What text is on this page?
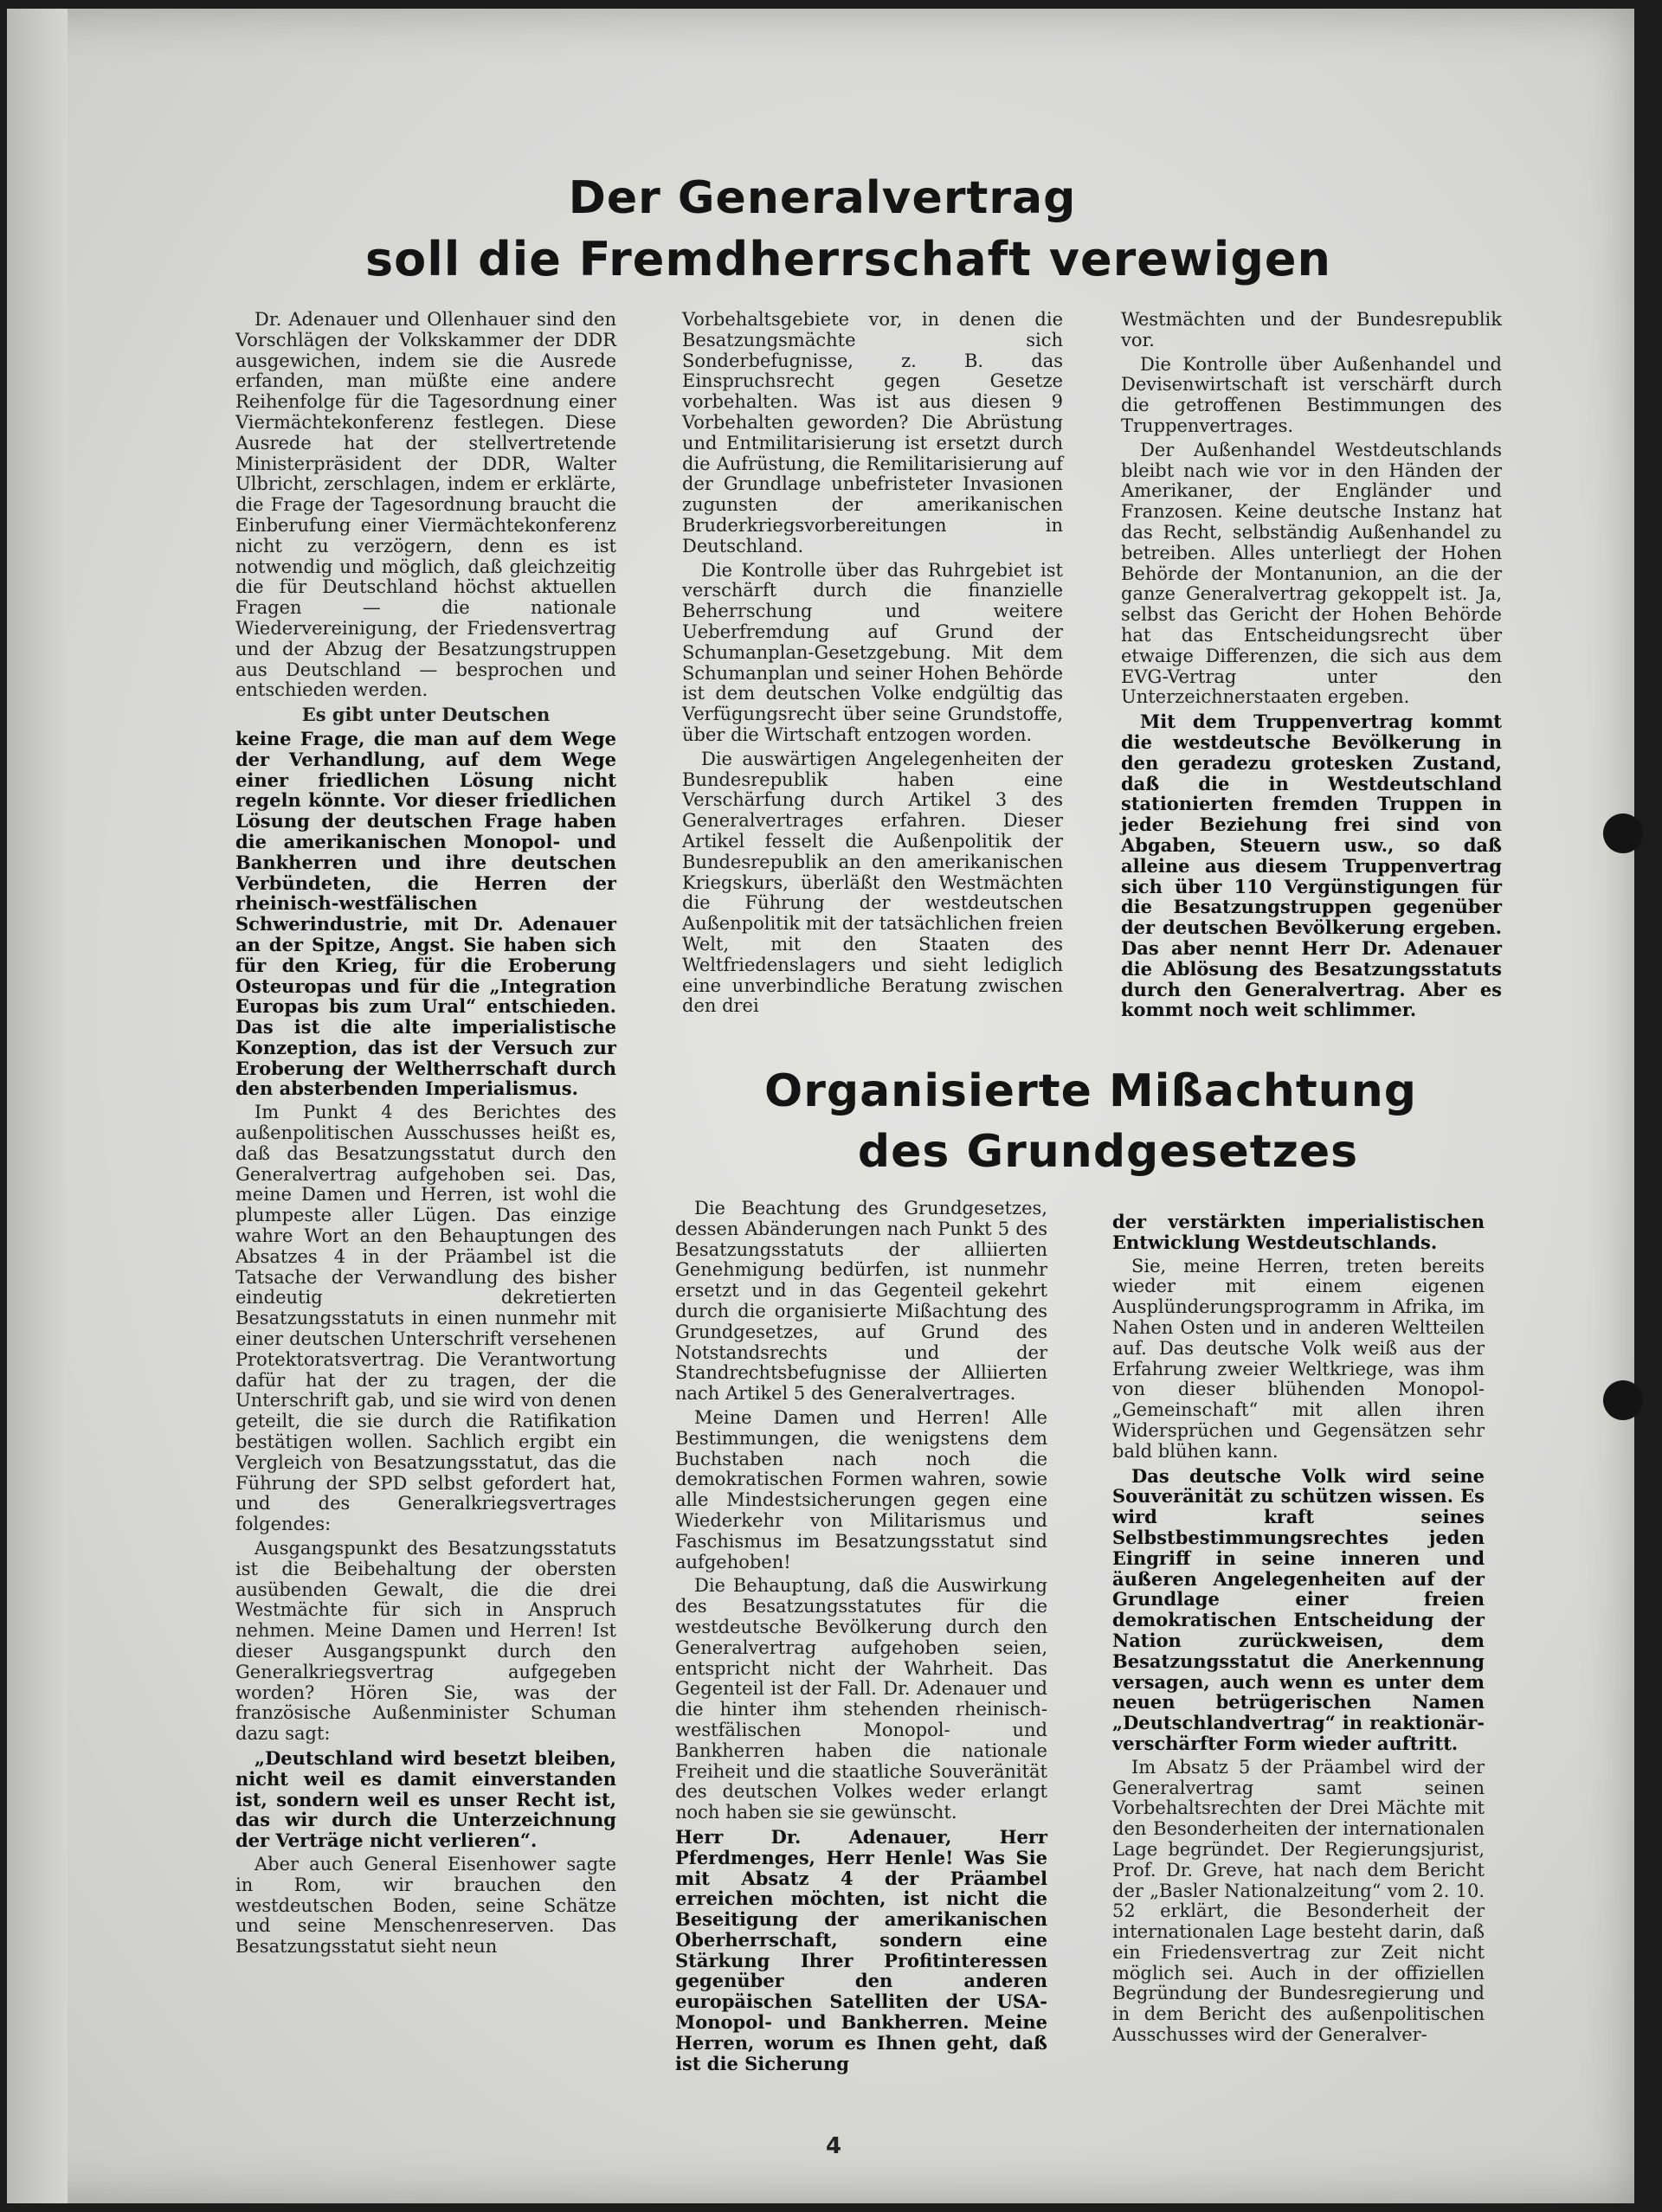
Der Generalvertrag
soll die Fremdherrschaft verewigen

Dr. Adenauer und Ollenhauer sind den Vorschlägen der Volkskammer der DDR ausgewichen, indem sie die Ausrede erfanden, man müßte eine andere Reihenfolge für die Tagesordnung einer Viermächtekonferenz festlegen. Diese Ausrede hat der stellvertretende Ministerpräsident der DDR, Walter Ulbricht, zerschlagen, indem er erklärte, die Frage der Tagesordnung braucht die Einberufung einer Viermächtekonferenz nicht zu verzögern, denn es ist notwendig und möglich, daß gleichzeitig die für Deutschland höchst aktuellen Fragen — die nationale Wiedervereinigung, der Friedensvertrag und der Abzug der Besatzungstruppen aus Deutschland — besprochen und entschieden werden.

Es gibt unter Deutschen

keine Frage, die man auf dem Wege der Verhandlung, auf dem Wege einer friedlichen Lösung nicht regeln könnte. Vor dieser friedlichen Lösung der deutschen Frage haben die amerikanischen Monopol- und Bankherren und ihre deutschen Verbündeten, die Herren der rheinisch-westfälischen Schwerindustrie, mit Dr. Adenauer an der Spitze, Angst. Sie haben sich für den Krieg, für die Eroberung Osteuropas und für die „Integration Europas bis zum Ural“ entschieden. Das ist die alte imperialistische Konzeption, das ist der Versuch zur Eroberung der Weltherrschaft durch den absterbenden Imperialismus.

Im Punkt 4 des Berichtes des außenpolitischen Ausschusses heißt es, daß das Besatzungsstatut durch den Generalvertrag aufgehoben sei. Das, meine Damen und Herren, ist wohl die plumpeste aller Lügen. Das einzige wahre Wort an den Behauptungen des Absatzes 4 in der Präambel ist die Tatsache der Verwandlung des bisher eindeutig dekretierten Besatzungsstatuts in einen nunmehr mit einer deutschen Unterschrift versehenen Protektoratsvertrag. Die Verantwortung dafür hat der zu tragen, der die Unterschrift gab, und sie wird von denen geteilt, die sie durch die Ratifikation bestätigen wollen. Sachlich ergibt ein Vergleich von Besatzungsstatut, das die Führung der SPD selbst gefordert hat, und des Generalkriegsvertrages folgendes:

Ausgangspunkt des Besatzungsstatuts ist die Beibehaltung der obersten ausübenden Gewalt, die die drei Westmächte für sich in Anspruch nehmen. Meine Damen und Herren! Ist dieser Ausgangspunkt durch den Generalkriegsvertrag aufgegeben worden? Hören Sie, was der französische Außenminister Schuman dazu sagt:

„Deutschland wird besetzt bleiben, nicht weil es damit einverstanden ist, sondern weil es unser Recht ist, das wir durch die Unterzeichnung der Verträge nicht verlieren“.

Aber auch General Eisenhower sagte in Rom, wir brauchen den westdeutschen Boden, seine Schätze und seine Menschenreserven. Das Besatzungsstatut sieht neun

Vorbehaltsgebiete vor, in denen die Besatzungsmächte sich Sonderbefugnisse, z. B. das Einspruchsrecht gegen Gesetze vorbehalten. Was ist aus diesen 9 Vorbehalten geworden? Die Abrüstung und Entmilitarisierung ist ersetzt durch die Aufrüstung, die Remilitarisierung auf der Grundlage unbefristeter Invasionen zugunsten der amerikanischen Bruderkriegsvorbereitungen in Deutschland.

Die Kontrolle über das Ruhrgebiet ist verschärft durch die finanzielle Beherrschung und weitere Ueberfremdung auf Grund der Schumanplan-Gesetzgebung. Mit dem Schumanplan und seiner Hohen Behörde ist dem deutschen Volke endgültig das Verfügungsrecht über seine Grundstoffe, über die Wirtschaft entzogen worden.

Die auswärtigen Angelegenheiten der Bundesrepublik haben eine Verschärfung durch Artikel 3 des Generalvertrages erfahren. Dieser Artikel fesselt die Außenpolitik der Bundesrepublik an den amerikanischen Kriegskurs, überläßt den Westmächten die Führung der westdeutschen Außenpolitik mit der tatsächlichen freien Welt, mit den Staaten des Weltfriedenslagers und sieht lediglich eine unverbindliche Beratung zwischen den drei

Westmächten und der Bundesrepublik vor.

Die Kontrolle über Außenhandel und Devisenwirtschaft ist verschärft durch die getroffenen Bestimmungen des Truppenvertrages.

Der Außenhandel Westdeutschlands bleibt nach wie vor in den Händen der Amerikaner, der Engländer und Franzosen. Keine deutsche Instanz hat das Recht, selbständig Außenhandel zu betreiben. Alles unterliegt der Hohen Behörde der Montanunion, an die der ganze Generalvertrag gekoppelt ist. Ja, selbst das Gericht der Hohen Behörde hat das Entscheidungsrecht über etwaige Differenzen, die sich aus dem EVG-Vertrag unter den Unterzeichnerstaaten ergeben.

Mit dem Truppenvertrag kommt die westdeutsche Bevölkerung in den geradezu grotesken Zustand, daß die in Westdeutschland stationierten fremden Truppen in jeder Beziehung frei sind von Abgaben, Steuern usw., so daß alleine aus diesem Truppenvertrag sich über 110 Vergünstigungen für die Besatzungstruppen gegenüber der deutschen Bevölkerung ergeben. Das aber nennt Herr Dr. Adenauer die Ablösung des Besatzungsstatuts durch den Generalvertrag. Aber es kommt noch weit schlimmer.

Organisierte Mißachtung
des Grundgesetzes

Die Beachtung des Grundgesetzes, dessen Abänderungen nach Punkt 5 des Besatzungsstatuts der alliierten Genehmigung bedürfen, ist nunmehr ersetzt und in das Gegenteil gekehrt durch die organisierte Mißachtung des Grundgesetzes, auf Grund des Notstandsrechts und der Standrechtsbefugnisse der Alliierten nach Artikel 5 des Generalvertrages.

Meine Damen und Herren! Alle Bestimmungen, die wenigstens dem Buchstaben nach noch die demokratischen Formen wahren, sowie alle Mindestsicherungen gegen eine Wiederkehr von Militarismus und Faschismus im Besatzungsstatut sind aufgehoben!

Die Behauptung, daß die Auswirkung des Besatzungsstatutes für die westdeutsche Bevölkerung durch den Generalvertrag aufgehoben seien, entspricht nicht der Wahrheit. Das Gegenteil ist der Fall. Dr. Adenauer und die hinter ihm stehenden rheinisch-westfälischen Monopol- und Bankherren haben die nationale Freiheit und die staatliche Souveränität des deutschen Volkes weder erlangt noch haben sie sie gewünscht.

Herr Dr. Adenauer, Herr Pferdmenges, Herr Henle! Was Sie mit Absatz 4 der Präambel erreichen möchten, ist nicht die Beseitigung der amerikanischen Oberherrschaft, sondern eine Stärkung Ihrer Profitinteressen gegenüber den anderen europäischen Satelliten der USA-Monopol- und Bankherren. Meine Herren, worum es Ihnen geht, daß ist die Sicherung

der verstärkten imperialistischen Entwicklung Westdeutschlands.

Sie, meine Herren, treten bereits wieder mit einem eigenen Ausplünderungsprogramm in Afrika, im Nahen Osten und in anderen Weltteilen auf. Das deutsche Volk weiß aus der Erfahrung zweier Weltkriege, was ihm von dieser blühenden Monopol-„Gemeinschaft“ mit allen ihren Widersprüchen und Gegensätzen sehr bald blühen kann.

Das deutsche Volk wird seine Souveränität zu schützen wissen. Es wird kraft seines Selbstbestimmungsrechtes jeden Eingriff in seine inneren und äußeren Angelegenheiten auf der Grundlage einer freien demokratischen Entscheidung der Nation zurückweisen, dem Besatzungsstatut die Anerkennung versagen, auch wenn es unter dem neuen betrügerischen Namen „Deutschlandvertrag“ in reaktionär-verschärfter Form wieder auftritt.

Im Absatz 5 der Präambel wird der Generalvertrag samt seinen Vorbehaltsrechten der Drei Mächte mit den Besonderheiten der internationalen Lage begründet. Der Regierungsjurist, Prof. Dr. Greve, hat nach dem Bericht der „Basler Nationalzeitung“ vom 2. 10. 52 erklärt, die Besonderheit der internationalen Lage besteht darin, daß ein Friedensvertrag zur Zeit nicht möglich sei. Auch in der offiziellen Begründung der Bundesregierung und in dem Bericht des außenpolitischen Ausschusses wird der Generalver-

4
